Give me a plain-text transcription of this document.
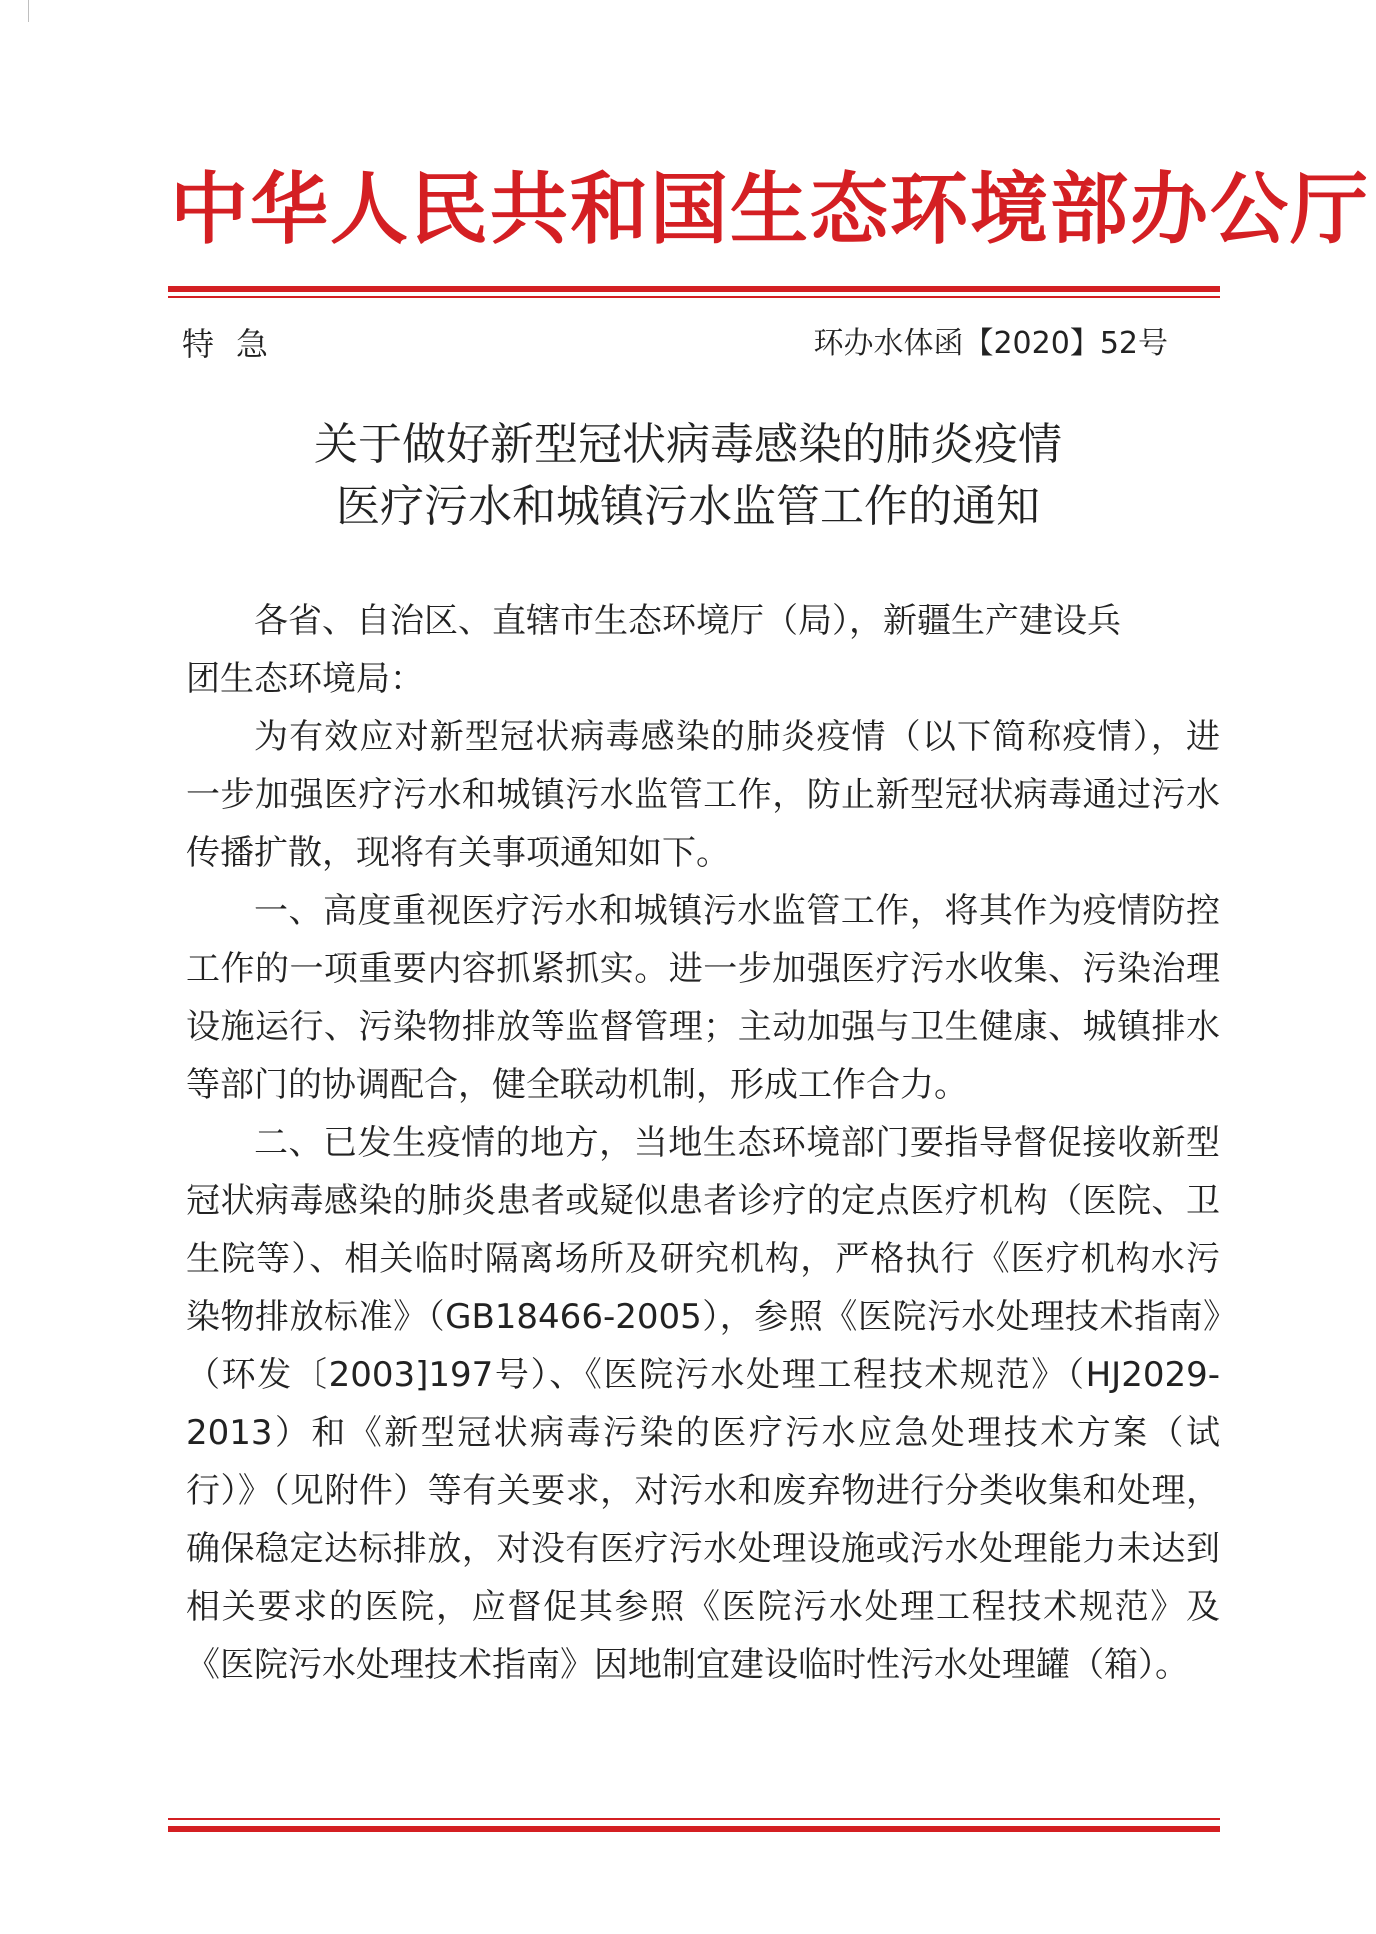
中华人民共和国生态环境部办公厅
特急	环办水体函【2020】52号
关于做好新型冠状病毒感染的肺炎疫情
医疗污水和城镇污水监管工作的通知
各省、自治区、直辖市生态环境厅（局），新疆生产建设兵
团生态环境局：

为有效应对新型冠状病毒感染的肺炎疫情（以下简称疫情），进一步加强医疗污水和城镇污水监管工作，防止新型冠状病毒通过污水传播扩散，现将有关事项通知如下。

一、高度重视医疗污水和城镇污水监管工作，将其作为疫情防控工作的一项重要内容抓紧抓实。进一步加强医疗污水收集、污染治理设施运行、污染物排放等监督管理；主动加强与卫生健康、城镇排水等部门的协调配合，健全联动机制，形成工作合力。

二、已发生疫情的地方，当地生态环境部门要指导督促接收新型冠状病毒感染的肺炎患者或疑似患者诊疗的定点医疗机构（医院、卫生院等）、相关临时隔离场所及研究机构，严格执行《医疗机构水污染物排放标准》（GB18466-2005），参照《医院污水处理技术指南》（环发〔2003]197号）、《医院污水处理工程技术规范》（HJ2029-2013）和《新型冠状病毒污染的医疗污水应急处理技术方案（试行）》（见附件）等有关要求，对污水和废弃物进行分类收集和处理，确保稳定达标排放，对没有医疗污水处理设施或污水处理能力未达到相关要求的医院，应督促其参照《医院污水处理工程技术规范》及《医院污水处理技术指南》因地制宜建设临时性污水处理罐（箱）。
